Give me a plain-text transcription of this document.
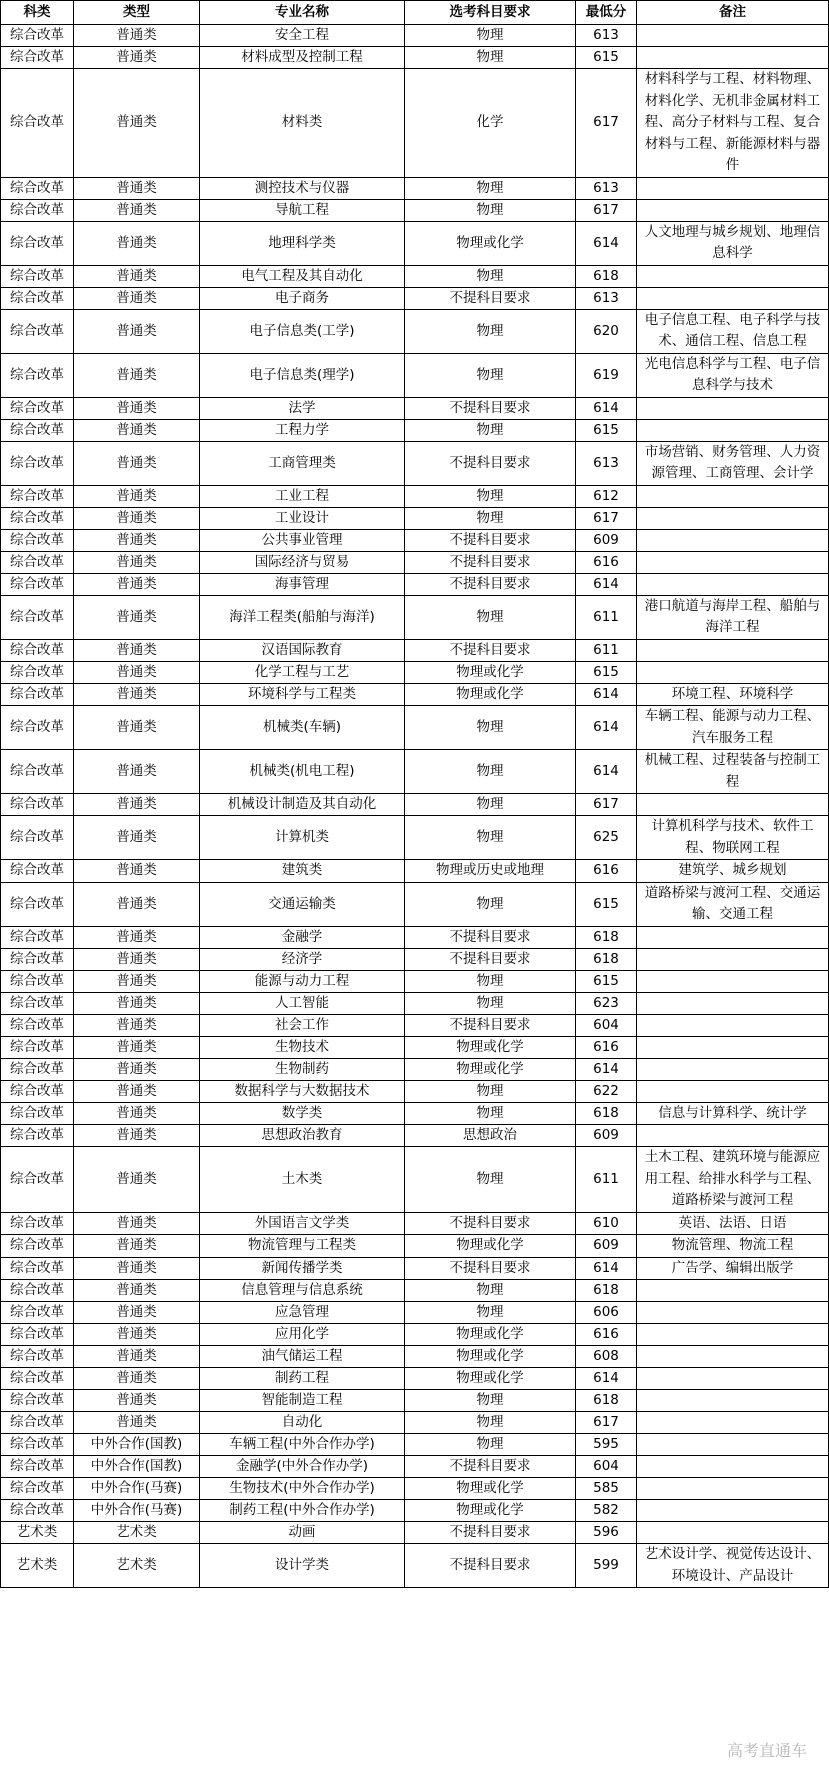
科类	类型	专业名称	选考科目要求	最低分	备注
综合改革	普通类	安全工程	物理	613	
综合改革	普通类	材料成型及控制工程	物理	615	
综合改革	普通类	材料类	化学	617	材料科学与工程、材料物理、材料化学、无机非金属材料工程、高分子材料与工程、复合材料与工程、新能源材料与器件
综合改革	普通类	测控技术与仪器	物理	613	
综合改革	普通类	导航工程	物理	617	
综合改革	普通类	地理科学类	物理或化学	614	人文地理与城乡规划、地理信息科学
综合改革	普通类	电气工程及其自动化	物理	618	
综合改革	普通类	电子商务	不提科目要求	613	
综合改革	普通类	电子信息类(工学)	物理	620	电子信息工程、电子科学与技术、通信工程、信息工程
综合改革	普通类	电子信息类(理学)	物理	619	光电信息科学与工程、电子信息科学与技术
综合改革	普通类	法学	不提科目要求	614	
综合改革	普通类	工程力学	物理	615	
综合改革	普通类	工商管理类	不提科目要求	613	市场营销、财务管理、人力资源管理、工商管理、会计学
综合改革	普通类	工业工程	物理	612	
综合改革	普通类	工业设计	物理	617	
综合改革	普通类	公共事业管理	不提科目要求	609	
综合改革	普通类	国际经济与贸易	不提科目要求	616	
综合改革	普通类	海事管理	不提科目要求	614	
综合改革	普通类	海洋工程类(船舶与海洋)	物理	611	港口航道与海岸工程、船舶与海洋工程
综合改革	普通类	汉语国际教育	不提科目要求	611	
综合改革	普通类	化学工程与工艺	物理或化学	615	
综合改革	普通类	环境科学与工程类	物理或化学	614	环境工程、环境科学
综合改革	普通类	机械类(车辆)	物理	614	车辆工程、能源与动力工程、汽车服务工程
综合改革	普通类	机械类(机电工程)	物理	614	机械工程、过程装备与控制工程
综合改革	普通类	机械设计制造及其自动化	物理	617	
综合改革	普通类	计算机类	物理	625	计算机科学与技术、软件工程、物联网工程
综合改革	普通类	建筑类	物理或历史或地理	616	建筑学、城乡规划
综合改革	普通类	交通运输类	物理	615	道路桥梁与渡河工程、交通运输、交通工程
综合改革	普通类	金融学	不提科目要求	618	
综合改革	普通类	经济学	不提科目要求	618	
综合改革	普通类	能源与动力工程	物理	615	
综合改革	普通类	人工智能	物理	623	
综合改革	普通类	社会工作	不提科目要求	604	
综合改革	普通类	生物技术	物理或化学	616	
综合改革	普通类	生物制药	物理或化学	614	
综合改革	普通类	数据科学与大数据技术	物理	622	
综合改革	普通类	数学类	物理	618	信息与计算科学、统计学
综合改革	普通类	思想政治教育	思想政治	609	
综合改革	普通类	土木类	物理	611	土木工程、建筑环境与能源应用工程、给排水科学与工程、道路桥梁与渡河工程
综合改革	普通类	外国语言文学类	不提科目要求	610	英语、法语、日语
综合改革	普通类	物流管理与工程类	物理或化学	609	物流管理、物流工程
综合改革	普通类	新闻传播学类	不提科目要求	614	广告学、编辑出版学
综合改革	普通类	信息管理与信息系统	物理	618	
综合改革	普通类	应急管理	物理	606	
综合改革	普通类	应用化学	物理或化学	616	
综合改革	普通类	油气储运工程	物理或化学	608	
综合改革	普通类	制药工程	物理或化学	614	
综合改革	普通类	智能制造工程	物理	618	
综合改革	普通类	自动化	物理	617	
综合改革	中外合作(国教)	车辆工程(中外合作办学)	物理	595	
综合改革	中外合作(国教)	金融学(中外合作办学)	不提科目要求	604	
综合改革	中外合作(马赛)	生物技术(中外合作办学)	物理或化学	585	
综合改革	中外合作(马赛)	制药工程(中外合作办学)	物理或化学	582	
艺术类	艺术类	动画	不提科目要求	596	
艺术类	艺术类	设计学类	不提科目要求	599	艺术设计学、视觉传达设计、环境设计、产品设计
高考直通车
